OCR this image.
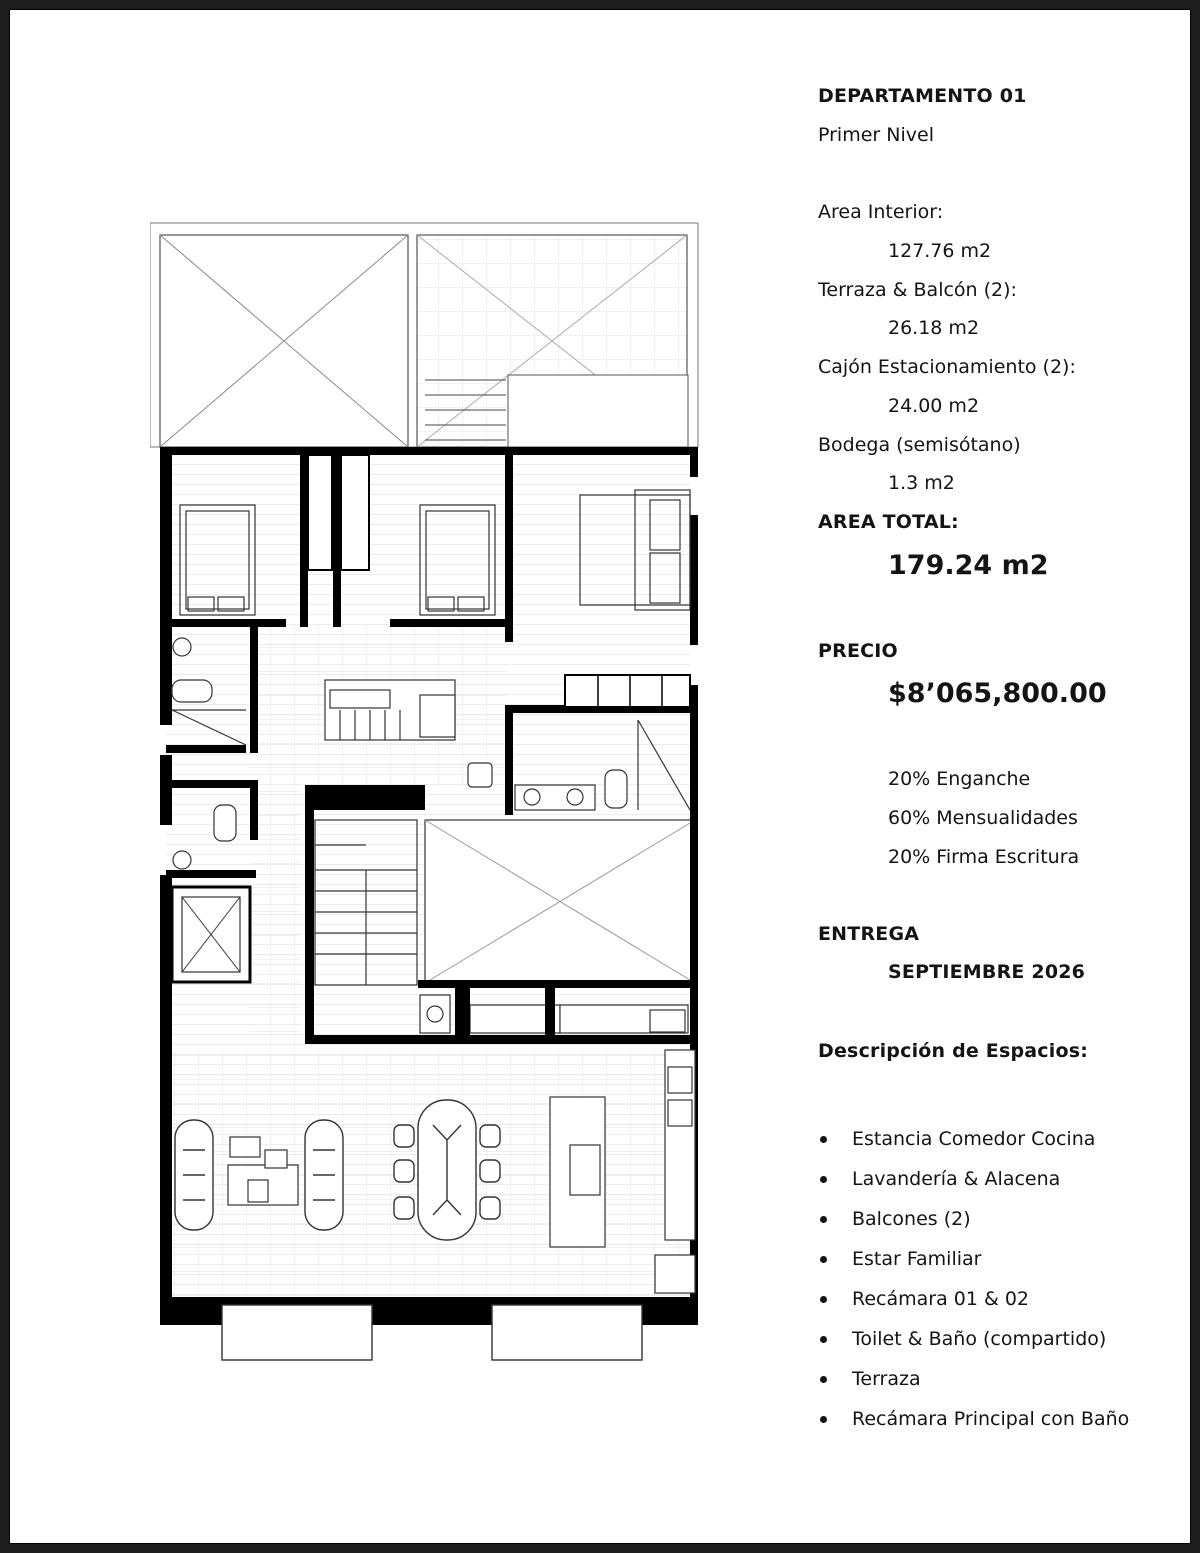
DEPARTAMENTO 01
Primer Nivel
Area Interior:
127.76 m2
Terraza & Balcón (2):
26.18 m2
Cajón Estacionamiento (2):
24.00 m2
Bodega (semisótano)
1.3 m2
AREA TOTAL:
179.24 m2
PRECIO
$8’065,800.00
20% Enganche
60% Mensualidades
20% Firma Escritura
ENTREGA
SEPTIEMBRE 2026
Descripción de Espacios:
Estancia Comedor Cocina
Lavandería & Alacena
Balcones (2)
Estar Familiar
Recámara 01 & 02
Toilet & Baño (compartido)
Terraza
Recámara Principal con Baño
